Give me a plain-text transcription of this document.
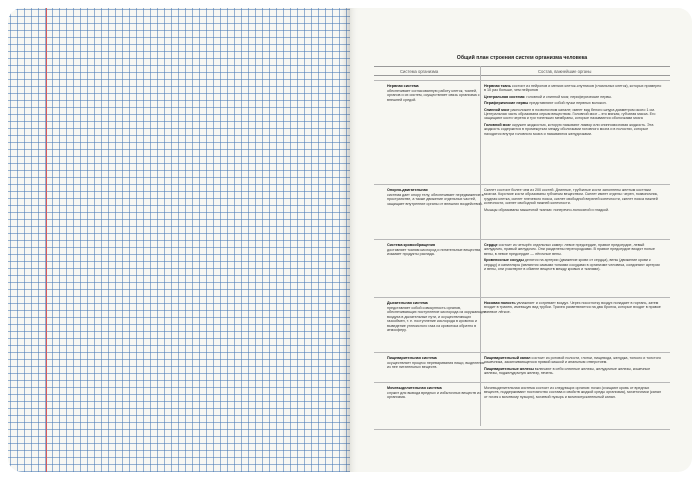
Общий план строения систем организма человека
Система организма	Состав, важнейшие органы
Нервная система
обеспечивает согласованную работу клеток, тканей, органов и их систем, осуществляет связь организма с внешней средой.

Нервная ткань состоит из нейронов и мелких клеток-спутников (глиальных клеток), которых примерно в 10 раз больше, чем нейронов

Центральная система: головной и спинной мозг, периферические нервы.

Периферические нервы представляют собой пучки нервных волокон.

Спинной мозг расположен в позвоночном канале; имеет вид белого шнура диаметром около 1 см. Центральная часть образована серым веществом. Головной мозг – это мягкая, губчатая масса. Его защищают кости черепа и три тоненьких мембраны, которые называются оболочками мозга

Головной мозг окружен жидкостью, которую называют ликвор или спинномозговая жидкость. Эта жидкость содержится в промежутках между оболочками головного мозга и в полостях, которые находятся внутри головного мозга и называются желудочками.

Опорно-двигательная
система дает опору телу, обеспечивает передвижение в пространстве, а также движение отдельных частей, защищает внутренние органы от внешних воздействий.

Скелет состоит более чем из 200 костей. Длинные, трубчатые кости заполнены желтым костным мозгом. Короткие кости образованы губчатым веществом. Скелет имеет отделы: череп, позвоночник, грудная клетка, скелет плечевого пояса, скелет свободной верхней конечности, скелет пояса нижней конечности, скелет свободной нижней конечности.

Мышцы образованы мышечной тканью: поперечно-полосатой и гладкой.

Система кровообращения
доставляет тканям кислород и питательные вещества, изымает продукты распада.

Сердце состоит из четырёх отдельных камер: левое предсердие, правое предсердие, левый желудочек, правый желудочек. Они разделены перегородками. В правое предсердие входят полые вены, в левое предсердие — лёгочные вены.

Кровеносные сосуды делятся на артерии (движение крови от сердца), вены (движение крови к сердцу) и капилляры (являются самыми тонкими сосудами в организме человека, соединяют артерии и вены, они участвуют в обмене веществ между кровью и тканями).

Дыхательная система
представляет собой совокупность органов, обеспечивающих поступление кислорода из окружающего воздуха в дыхательные пути, и осуществляющих газообмен, т. е. поступление кислорода в кровоток и выведение углекислого газа из кровотока обратно в атмосферу.

Носовая полость увлажняет и согревает воздух. Через носоглотку воздух попадает в гортань, затем входит в трахею, имеющую вид трубки. Трахея разветвляется на два бронха, которые входят в правое и левое лёгкое.

Пищеварительная система
осуществляет процесс переваривания пищи, выделения из нее питательных веществ.

Пищеварительный канал состоит из ротовой полости, глотки, пищевода, желудка, тонкого и толстого кишечника, заканчивающегося прямой кишкой и анальным отверстием.

Пищеварительные железы включают в себя слюнные железы, желудочные железы, кишечные железы, поджелудочную железу, печень.

Мочевыделительная система
служит для вывода вредных и избыточных веществ из организма.

Мочевыделительная система состоит из следующих органов: почки (очищают кровь от вредных веществ, поддерживают постоянство состава и свойств жидкой среды организма), мочеточники (канал от почек к мочевому пузырю), мочевой пузырь и мочеиспускательный канал.
